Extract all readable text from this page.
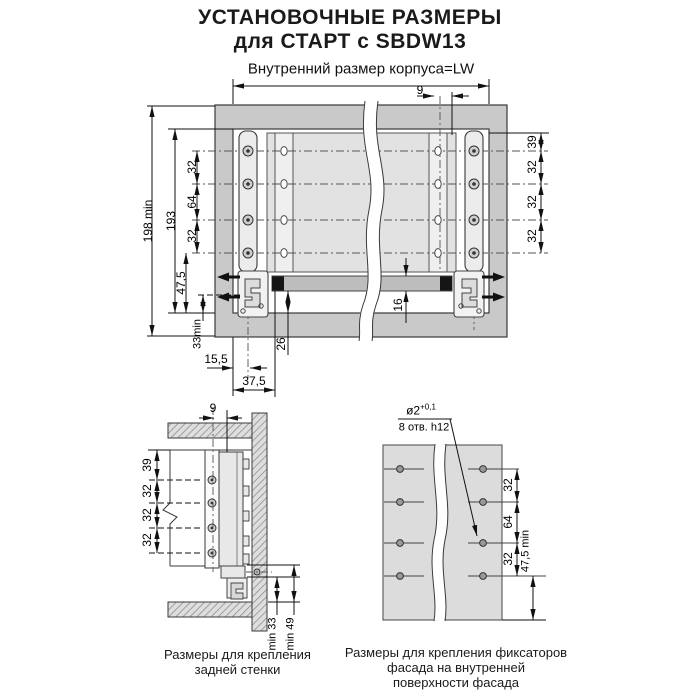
УСТАНОВОЧНЫЕ РАЗМЕРЫ
для СТАРТ с SBDW13
Внутренний размер корпуса=LW
$ø2^{+0,1}$
8 отв. h12
Размеры для крепления
задней стенки
Размеры для крепления фиксаторов
фасада на внутренней
поверхности фасада
9
198 min 193
32
64
32
47,5
33min
15,5
37,5
26
16
39
32
32
32
9
39
32
32
32
min 33 min 49
32
64
32 47,5 min
